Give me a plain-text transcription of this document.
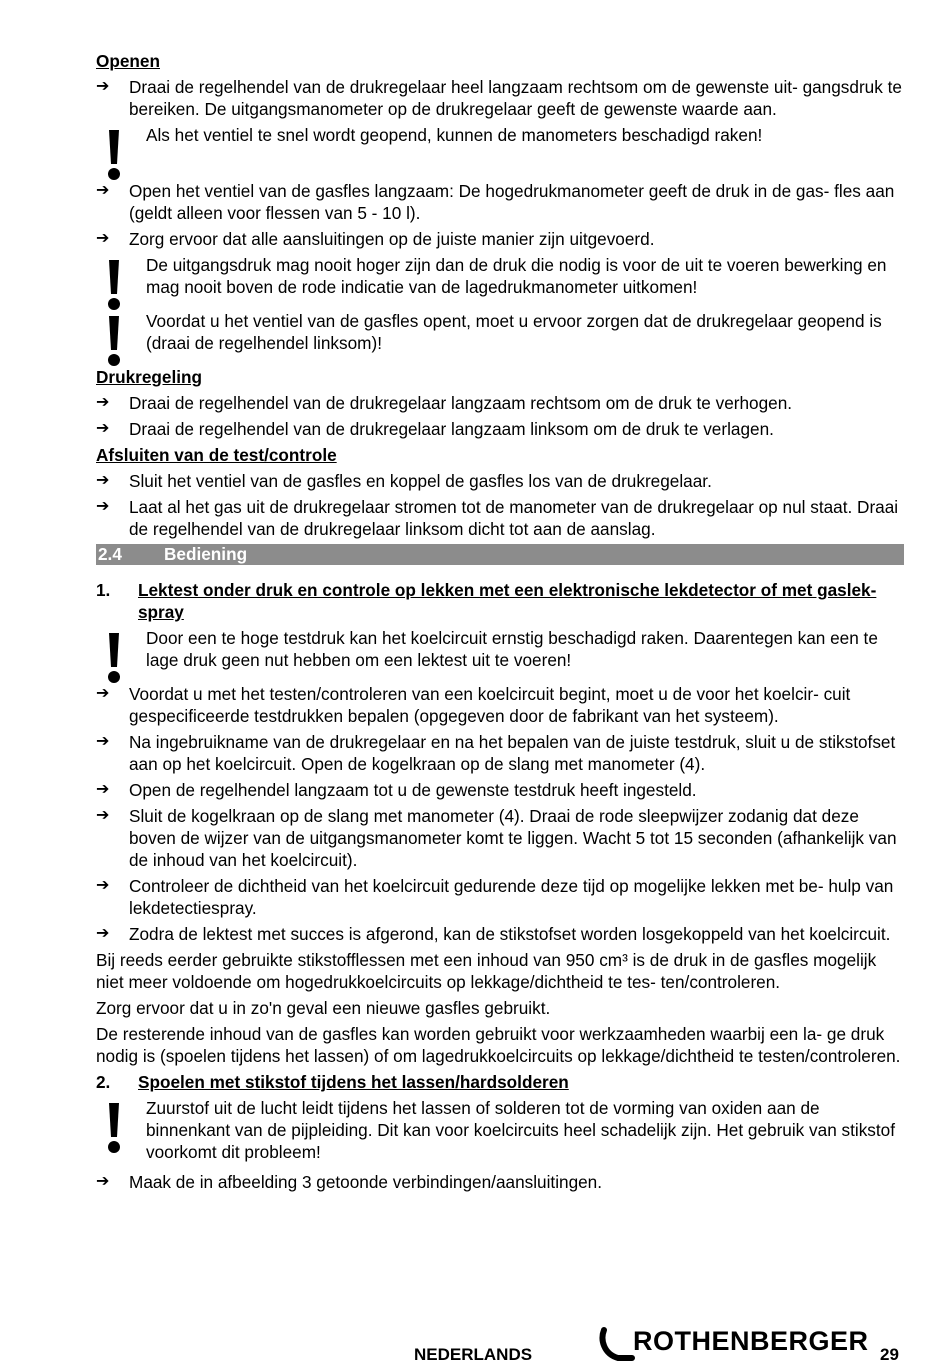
Openen
➔ Draai de regelhendel van de drukregelaar heel langzaam rechtsom om de gewenste uit- gangsdruk te bereiken. De uitgangsmanometer op de drukregelaar geeft de gewenste waarde aan.
Als het ventiel te snel wordt geopend, kunnen de manometers beschadigd raken!
➔ Open het ventiel van de gasfles langzaam: De hogedrukmanometer geeft de druk in de gas- fles aan (geldt alleen voor flessen van 5 - 10 l).
➔ Zorg ervoor dat alle aansluitingen op de juiste manier zijn uitgevoerd.
De uitgangsdruk mag nooit hoger zijn dan de druk die nodig is voor de uit te voeren bewerking en mag nooit boven de rode indicatie van de lagedrukmanometer uitkomen!
Voordat u het ventiel van de gasfles opent, moet u ervoor zorgen dat de drukregelaar geopend is (draai de regelhendel linksom)!
Drukregeling
➔ Draai de regelhendel van de drukregelaar langzaam rechtsom om de druk te verhogen.
➔ Draai de regelhendel van de drukregelaar langzaam linksom om de druk te verlagen.
Afsluiten van de test/controle
➔ Sluit het ventiel van de gasfles en koppel de gasfles los van de drukregelaar.
➔ Laat al het gas uit de drukregelaar stromen tot de manometer van de drukregelaar op nul staat. Draai de regelhendel van de drukregelaar linksom dicht tot aan de aanslag.
2.4 Bediening
1. Lektest onder druk en controle op lekken met een elektronische lekdetector of met gaslek-spray
Door een te hoge testdruk kan het koelcircuit ernstig beschadigd raken. Daarentegen kan een te lage druk geen nut hebben om een lektest uit te voeren!
➔ Voordat u met het testen/controleren van een koelcircuit begint, moet u de voor het koelcir- cuit gespecificeerde testdrukken bepalen (opgegeven door de fabrikant van het systeem).
➔ Na ingebruikname van de drukregelaar en na het bepalen van de juiste testdruk, sluit u de stikstofset aan op het koelcircuit. Open de kogelkraan op de slang met manometer (4).
➔ Open de regelhendel langzaam tot u de gewenste testdruk heeft ingesteld.
➔ Sluit de kogelkraan op de slang met manometer (4). Draai de rode sleepwijzer zodanig dat deze boven de wijzer van de uitgangsmanometer komt te liggen. Wacht 5 tot 15 seconden (afhankelijk van de inhoud van het koelcircuit).
➔ Controleer de dichtheid van het koelcircuit gedurende deze tijd op mogelijke lekken met be- hulp van lekdetectiespray.
➔ Zodra de lektest met succes is afgerond, kan de stikstofset worden losgekoppeld van het koelcircuit.
Bij reeds eerder gebruikte stikstofflessen met een inhoud van 950 cm³ is de druk in de gasfles mogelijk niet meer voldoende om hogedrukkoelcircuits op lekkage/dichtheid te tes- ten/controleren.
Zorg ervoor dat u in zo'n geval een nieuwe gasfles gebruikt.
De resterende inhoud van de gasfles kan worden gebruikt voor werkzaamheden waarbij een la- ge druk nodig is (spoelen tijdens het lassen) of om lagedrukkoelcircuits op lekkage/dichtheid te testen/controleren.
2. Spoelen met stikstof tijdens het lassen/hardsolderen
Zuurstof uit de lucht leidt tijdens het lassen of solderen tot de vorming van oxiden aan de binnenkant van de pijpleiding. Dit kan voor koelcircuits heel schadelijk zijn. Het gebruik van stikstof voorkomt dit probleem!
➔ Maak de in afbeelding 3 getoonde verbindingen/aansluitingen.
NEDERLANDS	ROTHENBERGER 29
